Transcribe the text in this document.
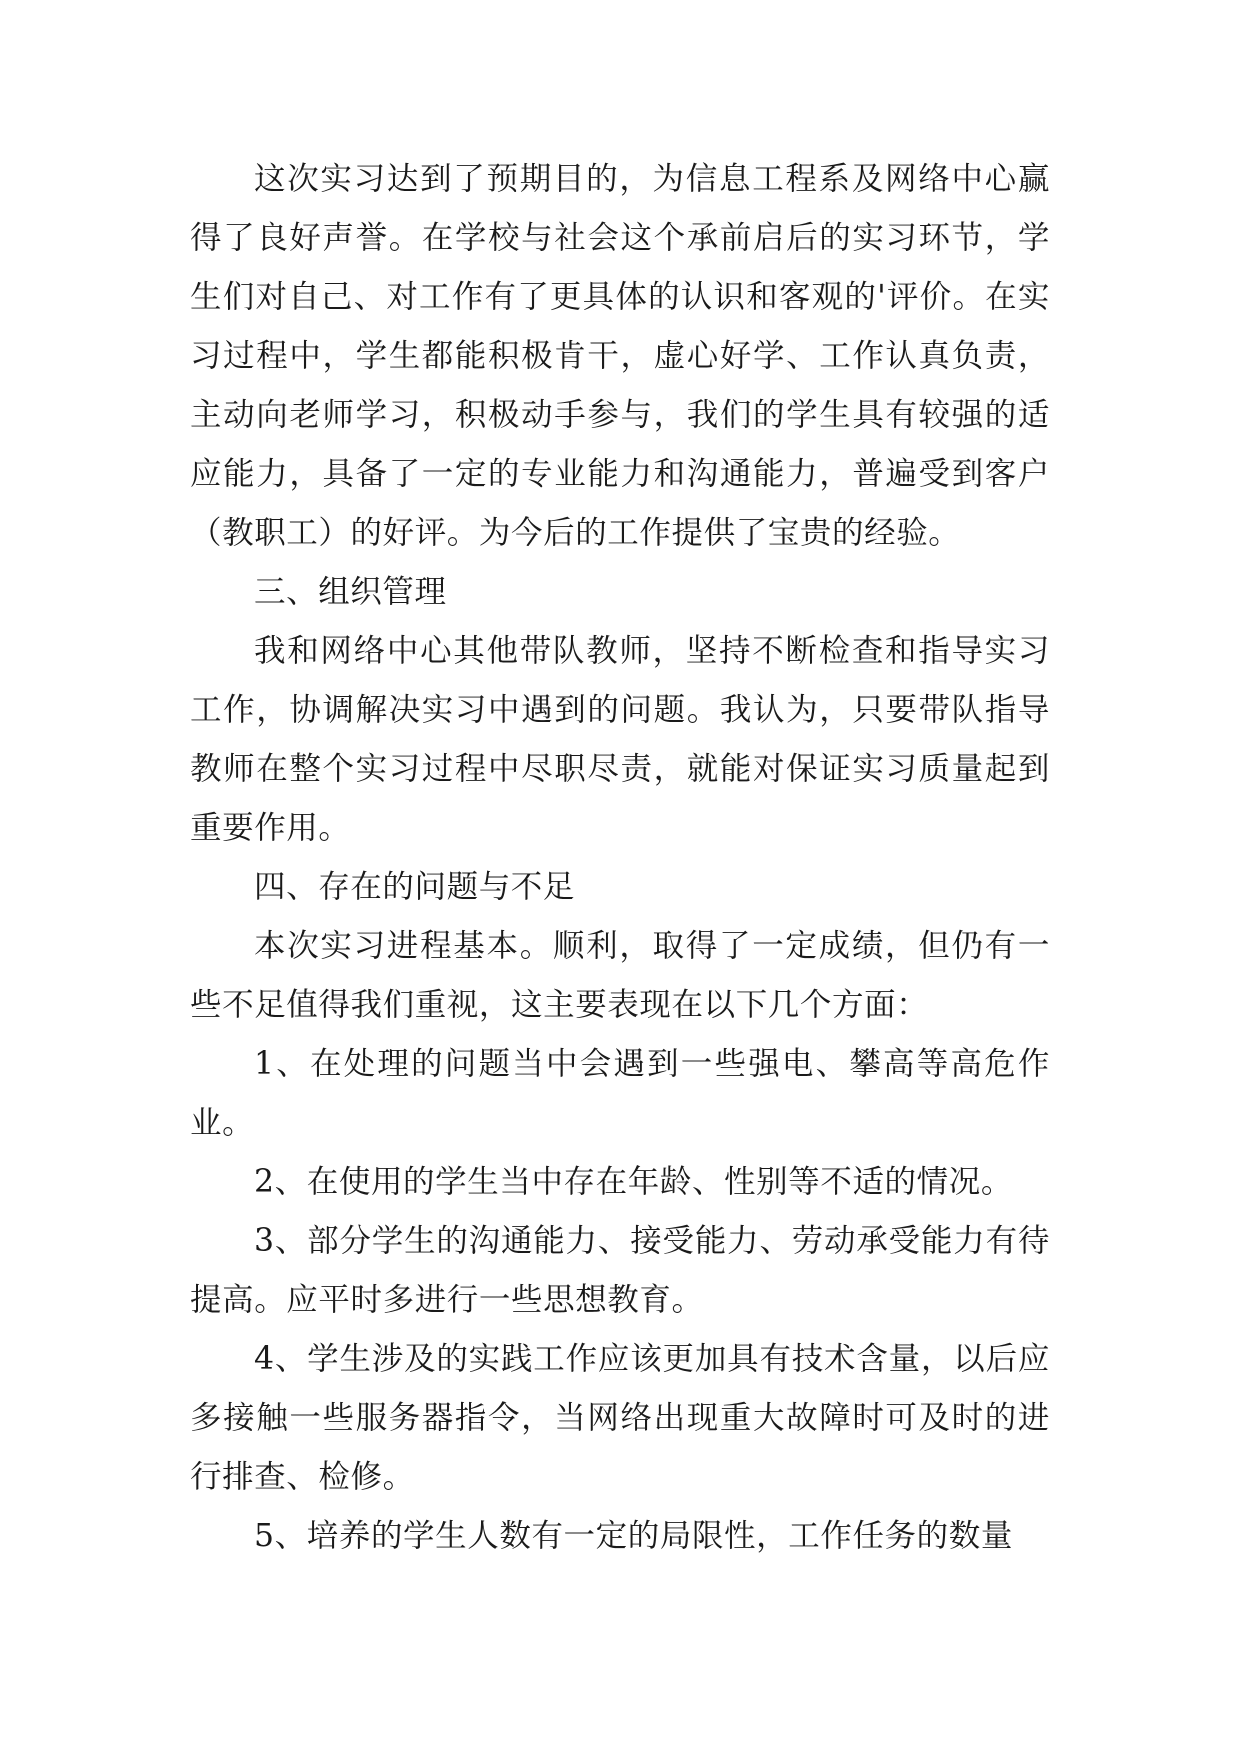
这次实习达到了预期目的，为信息工程系及网络中心赢得了良好声誉。在学校与社会这个承前启后的实习环节，学生们对自己、对工作有了更具体的认识和客观的'评价。在实习过程中，学生都能积极肯干，虚心好学、工作认真负责，主动向老师学习，积极动手参与，我们的学生具有较强的适应能力，具备了一定的专业能力和沟通能力，普遍受到客户（教职工）的好评。为今后的工作提供了宝贵的经验。

三、组织管理

我和网络中心其他带队教师，坚持不断检查和指导实习工作，协调解决实习中遇到的问题。我认为，只要带队指导教师在整个实习过程中尽职尽责，就能对保证实习质量起到重要作用。

四、存在的问题与不足

本次实习进程基本。顺利，取得了一定成绩，但仍有一些不足值得我们重视，这主要表现在以下几个方面：

1、在处理的问题当中会遇到一些强电、攀高等高危作业。

2、在使用的学生当中存在年龄、性别等不适的情况。

3、部分学生的沟通能力、接受能力、劳动承受能力有待提高。应平时多进行一些思想教育。

4、学生涉及的实践工作应该更加具有技术含量，以后应多接触一些服务器指令，当网络出现重大故障时可及时的进行排查、检修。

5、培养的学生人数有一定的局限性，工作任务的数量
